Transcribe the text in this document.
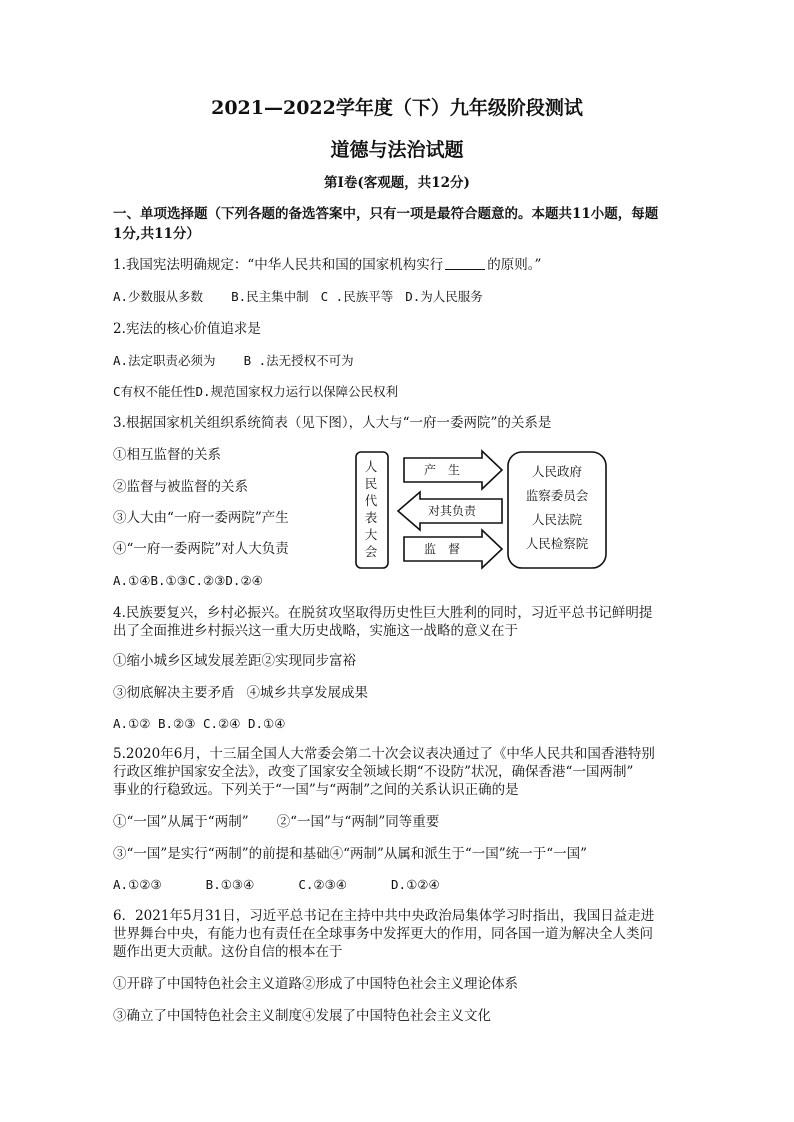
2021—2022学年度（下）九年级阶段测试
道德与法治试题
第Ⅰ卷(客观题，共12分)
一、单项选择题（下列各题的备选答案中，只有一项是最符合题意的。本题共11小题，每题
1分,共11分）
1.我国宪法明确规定：“中华人民共和国的国家机构实行	的原则。”
A.少数服从多数 B.民主集中制 C .民族平等 D.为人民服务
2.宪法的核心价值追求是
A.法定职责必须为 B .法无授权不可为
C有权不能任性D.规范国家权力运行以保障公民权利
3.根据国家机关组织系统简表（见下图），人大与“一府一委两院”的关系是
①相互监督的关系
②监督与被监督的关系
③人大由“一府一委两院”产生
④“一府一委两院”对人大负责
A.①④B.①③C.②③D.②④
人
民
代
表
大
会
人民政府
监察委员会
人民法院
人民检察院
产　生
对其负责
监　督
4.民族要复兴，乡村必振兴。在脱贫攻坚取得历史性巨大胜利的同时，习近平总书记鲜明提
出了全面推进乡村振兴这一重大历史战略，实施这一战略的意义在于
①缩小城乡区域发展差距②实现同步富裕
③彻底解决主要矛盾 ④城乡共享发展成果
A.①② B.②③ C.②④ D.①④
5.2020年6月，十三届全国人大常委会第二十次会议表决通过了《中华人民共和国香港特别
行政区维护国家安全法》，改变了国家安全领域长期“不设防”状况，确保香港“一国两制”
事业的行稳致远。下列关于“一国”与“两制”之间的关系认识正确的是
①“一国”从属于“两制” ②“一国”与“两制”同等重要
③“一国”是实行“两制”的前提和基础④“两制”从属和派生于“一国”统一于“一国”
A.①②③	B.①③④	C.②③④	D.①②④
6．2021年5月31日，习近平总书记在主持中共中央政治局集体学习时指出，我国日益走进
世界舞台中央，有能力也有责任在全球事务中发挥更大的作用，同各国一道为解决全人类问
题作出更大贡献。这份自信的根本在于
①开辟了中国特色社会主义道路②形成了中国特色社会主义理论体系
③确立了中国特色社会主义制度④发展了中国特色社会主义文化
